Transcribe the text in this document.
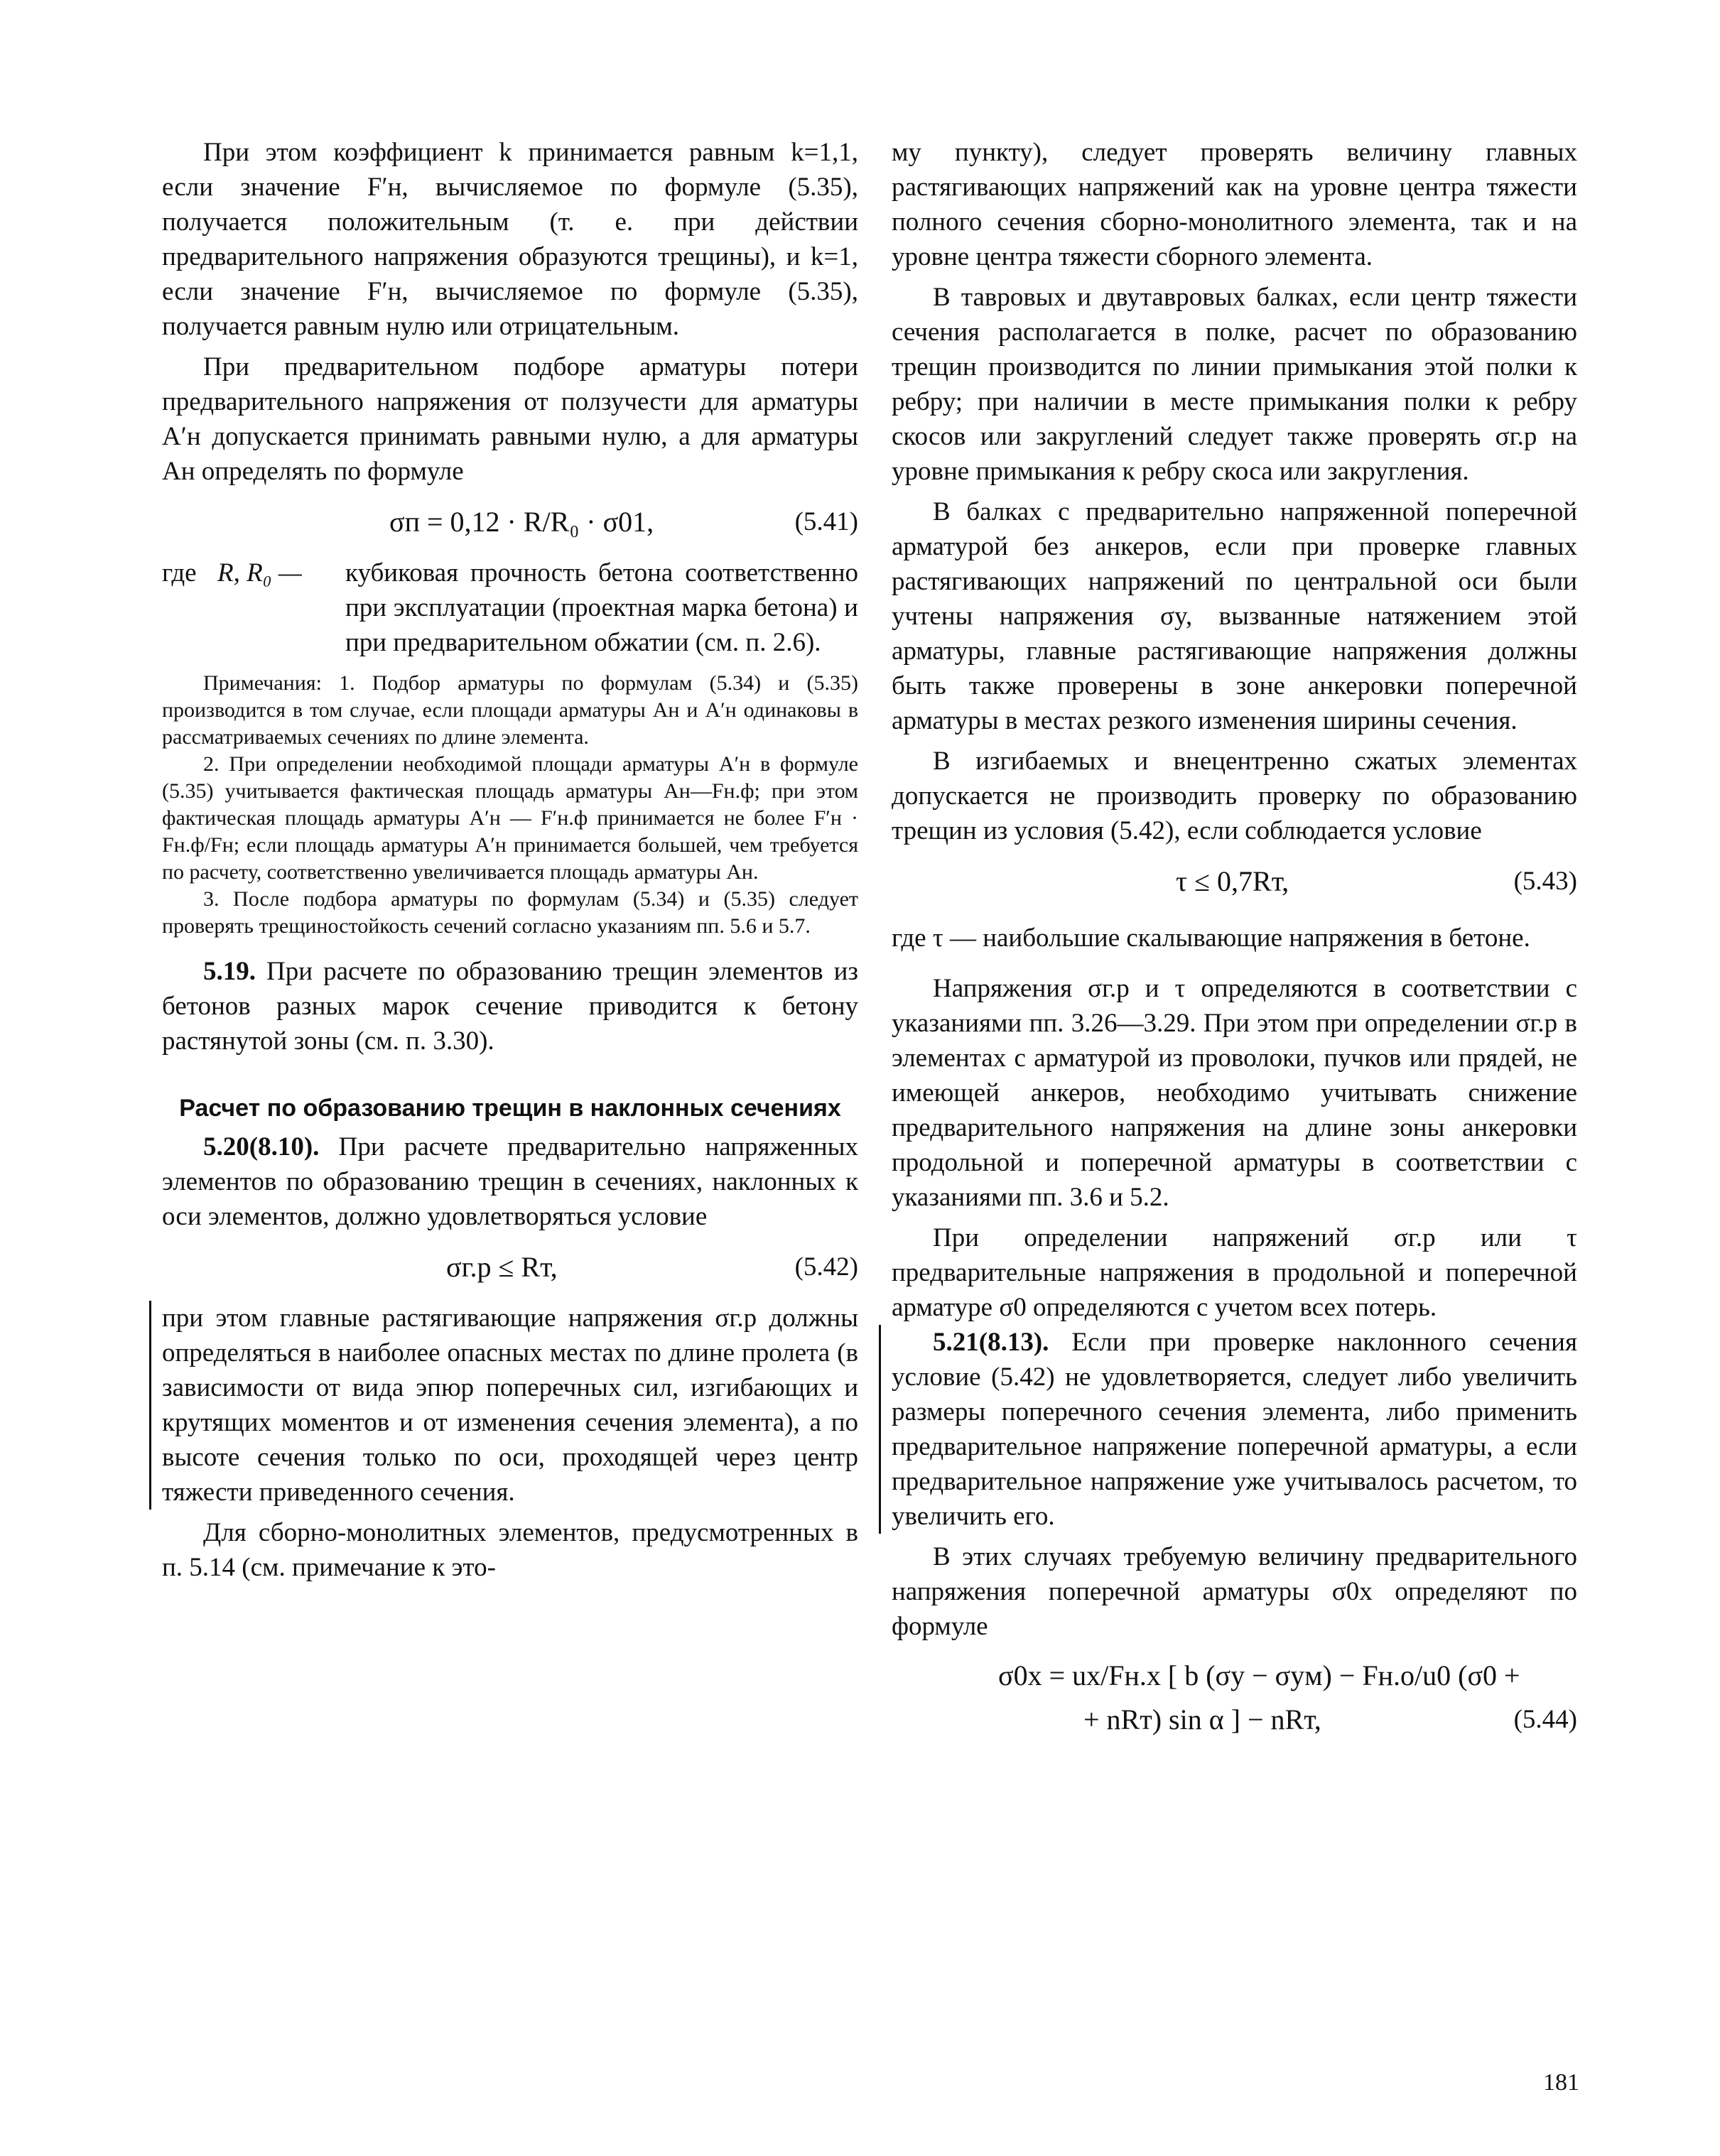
При этом коэффициент k принимается равным k=1,1, если значение F′н, вычисляемое по формуле (5.35), получается положительным (т. е. при действии предварительного напряжения образуются трещины), и k=1, если значение F′н, вычисляемое по формуле (5.35), получается равным нулю или отрицательным.

При предварительном подборе арматуры потери предварительного напряжения от ползучести для арматуры A′н допускается принимать равными нулю, а для арматуры Aн определять по формуле

σп = 0,12 · R/R₀ · σ01,	(5.41)
где R, R₀ —	кубиковая прочность бетона соответственно при эксплуатации (проектная марка бетона) и при предварительном обжатии (см. п. 2.6).

Примечания: 1. Подбор арматуры по формулам (5.34) и (5.35) производится в том случае, если площади арматуры Aн и A′н одинаковы в рассматриваемых сечениях по длине элемента.

2. При определении необходимой площади арматуры A′н в формуле (5.35) учитывается фактическая площадь арматуры Aн—Fн.ф; при этом фактическая площадь арматуры A′н — F′н.ф принимается не более F′н · Fн.ф/Fн; если площадь арматуры A′н принимается большей, чем требуется по расчету, соответственно увеличивается площадь арматуры Aн.

3. После подбора арматуры по формулам (5.34) и (5.35) следует проверять трещиностойкость сечений согласно указаниям пп. 5.6 и 5.7.

5.19. При расчете по образованию трещин элементов из бетонов разных марок сечение приводится к бетону растянутой зоны (см. п. 3.30).

Расчет по образованию трещин в наклонных сечениях

5.20(8.10). При расчете предварительно напряженных элементов по образованию трещин в сечениях, наклонных к оси элементов, должно удовлетворяться условие

σг.р ≤ Rт,	(5.42)

при этом главные растягивающие напряжения σг.р должны определяться в наиболее опасных местах по длине пролета (в зависимости от вида эпюр поперечных сил, изгибающих и крутящих моментов и от изменения сечения элемента), а по высоте сечения только по оси, проходящей через центр тяжести приведенного сечения.

Для сборно-монолитных элементов, предусмотренных в п. 5.14 (см. примечание к это-

му пункту), следует проверять величину главных растягивающих напряжений как на уровне центра тяжести полного сечения сборно-монолитного элемента, так и на уровне центра тяжести сборного элемента.

В тавровых и двутавровых балках, если центр тяжести сечения располагается в полке, расчет по образованию трещин производится по линии примыкания этой полки к ребру; при наличии в месте примыкания полки к ребру скосов или закруглений следует также проверять σг.р на уровне примыкания к ребру скоса или закругления.

В балках с предварительно напряженной поперечной арматурой без анкеров, если при проверке главных растягивающих напряжений по центральной оси были учтены напряжения σy, вызванные натяжением этой арматуры, главные растягивающие напряжения должны быть также проверены в зоне анкеровки поперечной арматуры в местах резкого изменения ширины сечения.

В изгибаемых и внецентренно сжатых элементах допускается не производить проверку по образованию трещин из условия (5.42), если соблюдается условие

τ ≤ 0,7Rт,	(5.43)

где τ — наибольшие скалывающие напряжения в бетоне.

Напряжения σг.р и τ определяются в соответствии с указаниями пп. 3.26—3.29. При этом при определении σг.р в элементах с арматурой из проволоки, пучков или прядей, не имеющей анкеров, необходимо учитывать снижение предварительного напряжения на длине зоны анкеровки продольной и поперечной арматуры в соответствии с указаниями пп. 3.6 и 5.2.

При определении напряжений σг.р или τ предварительные напряжения в продольной и поперечной арматуре σ0 определяются с учетом всех потерь.

5.21(8.13). Если при проверке наклонного сечения условие (5.42) не удовлетворяется, следует либо увеличить размеры поперечного сечения элемента, либо применить предварительное напряжение поперечной арматуры, а если предварительное напряжение уже учитывалось расчетом, то увеличить его.

В этих случаях требуемую величину предварительного напряжения поперечной арматуры σ0x определяют по формуле

σ0x = uх/Fн.х [ b (σy − σyм) − Fн.о/u0 (σ0 +
+ nRт) sin α ] − nRт,	(5.44)
181
